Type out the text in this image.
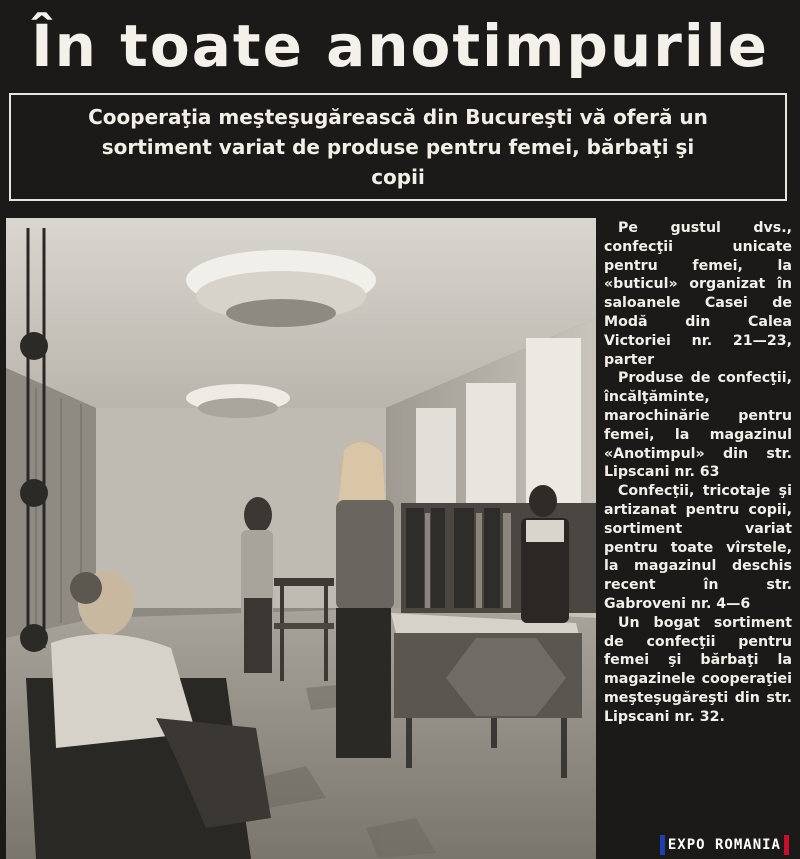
În toate anotimpurile

Cooperaţia meşteşugărească din Bucureşti vă oferă un sortiment variat de produse pentru femei, bărbaţi şi copii

Pe gustul dvs., confecţii unicate pentru femei, la «buticul» organizat în saloanele Casei de Modă din Calea Victoriei nr. 21—23, parter

Produse de confecţii, încălţăminte, marochinărie pentru femei, la magazinul «Anotimpul» din str. Lipscani nr. 63

Confecţii, tricotaje şi artizanat pentru copii, sortiment variat pentru toate vîrstele, la magazinul deschis recent în str. Gabroveni nr. 4—6

Un bogat sortiment de confecţii pentru femei şi bărbaţi la magazinele cooperaţiei meşteşugăreşti din str. Lipscani nr. 32.

EXPO ROMANIA
